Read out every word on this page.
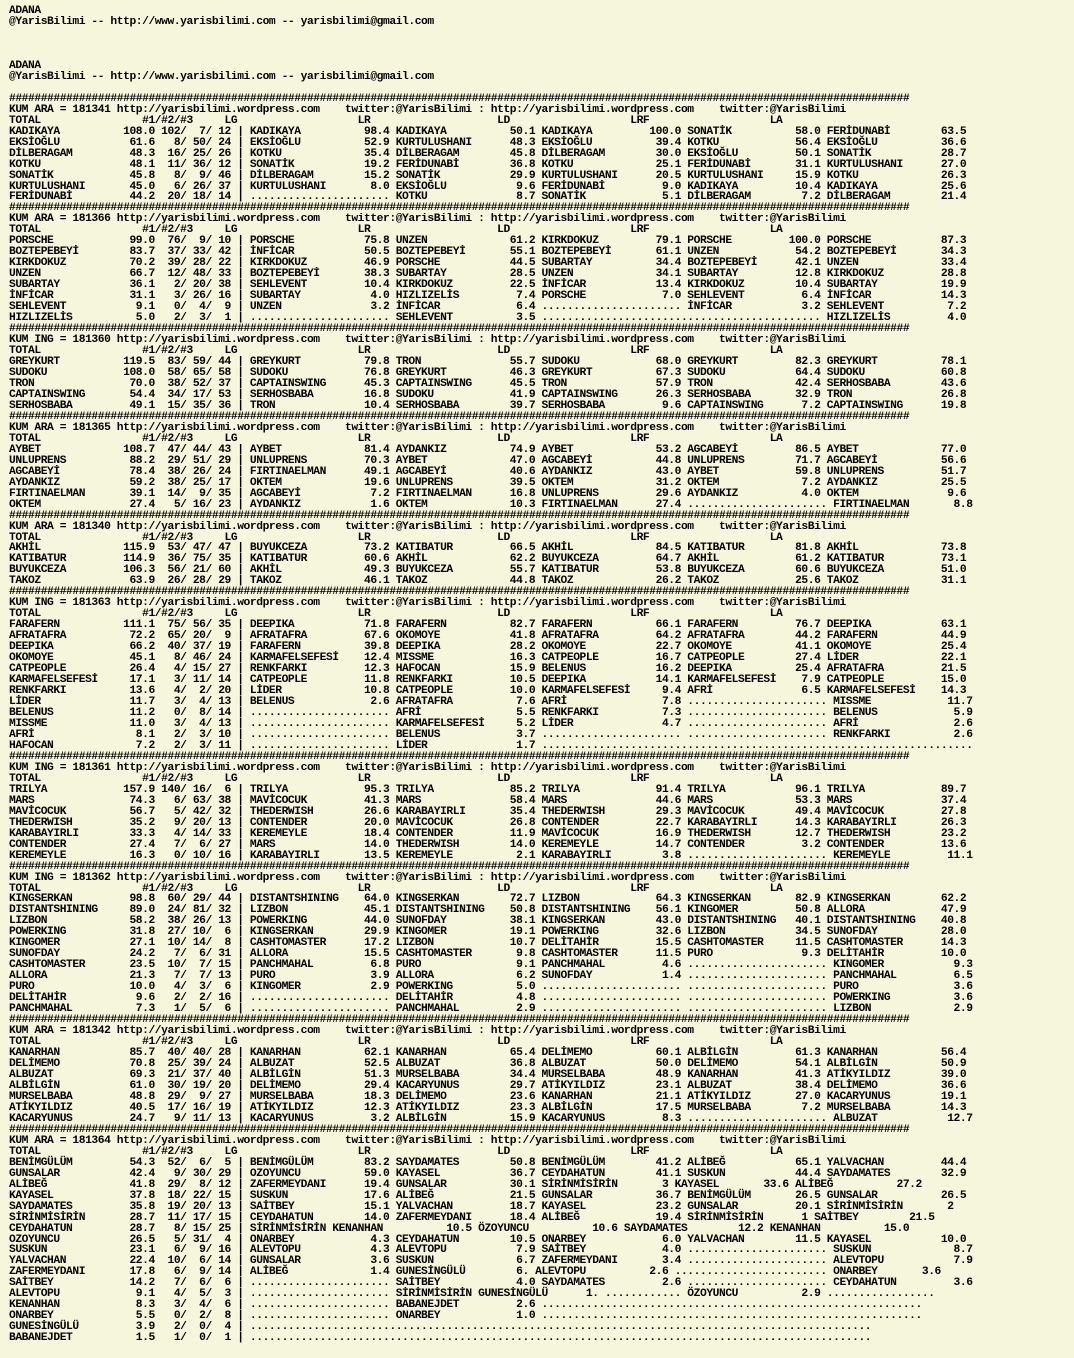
ADANA
@YarisBilimi -- http://www.yarisbilimi.com -- yarisbilimi@gmail.com
ADANA
@YarisBilimi -- http://www.yarisbilimi.com -- yarisbilimi@gmail.com
##############################################################################################################################################
KUM ARA = 181341 http://yarisbilimi.wordpress.com    twitter:@YarisBilimi : http://yarisbilimi.wordpress.com    twitter:@YarisBilimi
TOTAL                #1/#2/#3     LG                   LR                    LD                   LRF                   LA
KADIKAYA          108.0 102/  7/ 12 | KADIKAYA          98.4 KADIKAYA          50.1 KADIKAYA         100.0 SONATİK          58.0 FERİDUNABİ        63.5
EKSİOĞLU           61.6   8/ 50/ 24 | EKSİOĞLU          52.9 KURTULUSHANI      48.3 EKSİOĞLU          39.4 KOTKU            56.4 EKSİOĞLU          36.6
DİLBERAGAM         48.3  16/ 25/ 26 | KOTKU             35.4 DİLBERAGAM        45.8 DİLBERAGAM        30.0 EKSİOĞLU         50.1 SONATİK           28.7
KOTKU              48.1  11/ 36/ 12 | SONATİK           19.2 FERİDUNABİ        36.8 KOTKU             25.1 FERİDUNABİ       31.1 KURTULUSHANI      27.0
SONATİK            45.8   8/  9/ 46 | DİLBERAGAM        15.2 SONATİK           29.9 KURTULUSHANI      20.5 KURTULUSHANI     15.9 KOTKU             26.3
KURTULUSHANI       45.0   6/ 26/ 37 | KURTULUSHANI       8.0 EKSİOĞLU           9.6 FERİDUNABİ         9.0 KADIKAYA         10.4 KADIKAYA          25.6
FERİDUNABİ         44.2  20/ 18/ 14 | ...................... KOTKU              8.7 SONATİK            5.1 DİLBERAGAM        7.2 DİLBERAGAM        21.4
##############################################################################################################################################
KUM ARA = 181366 http://yarisbilimi.wordpress.com    twitter:@YarisBilimi : http://yarisbilimi.wordpress.com    twitter:@YarisBilimi
TOTAL                #1/#2/#3     LG                   LR                    LD                   LRF                   LA
PORSCHE            99.0  76/  9/ 10 | PORSCHE           75.8 UNZEN             61.2 KIRKDOKUZ         79.1 PORSCHE         100.0 PORSCHE           87.3
BOZTEPEBEYİ        83.7  37/ 33/ 42 | İNFİCAR           50.5 BOZTEPEBEYİ       55.1 BOZTEPEBEYİ       61.1 UNZEN            54.2 BOZTEPEBEYİ       34.3
KIRKDOKUZ          70.2  39/ 28/ 22 | KIRKDOKUZ         46.9 PORSCHE           44.5 SUBARTAY          34.4 BOZTEPEBEYİ      42.1 UNZEN             33.4
UNZEN              66.7  12/ 48/ 33 | BOZTEPEBEYİ       38.3 SUBARTAY          28.5 UNZEN             34.1 SUBARTAY         12.8 KIRKDOKUZ         28.8
SUBARTAY           36.1   2/ 20/ 38 | SEHLEVENT         10.4 KIRKDOKUZ         22.5 İNFİCAR           13.4 KIRKDOKUZ        10.4 SUBARTAY          19.9
İNFİCAR            31.1   3/ 26/ 16 | SUBARTAY           4.0 HIZLIZELİS         7.4 PORSCHE            7.0 SEHLEVENT         6.4 İNFİCAR           14.3
SEHLEVENT           9.1   0/  4/  9 | UNZEN              3.2 İNFİCAR            6.4 ...................... İNFİCAR           3.2 SEHLEVENT          7.2
HIZLIZELİS          5.0   2/  3/  1 | ...................... SEHLEVENT          3.5 ............................................ HIZLIZELİS         4.0
##############################################################################################################################################
KUM ING = 181360 http://yarisbilimi.wordpress.com    twitter:@YarisBilimi : http://yarisbilimi.wordpress.com    twitter:@YarisBilimi
TOTAL                #1/#2/#3     LG                   LR                    LD                   LRF                   LA
GREYKURT          119.5  83/ 59/ 44 | GREYKURT          79.8 TRON              55.7 SUDOKU            68.0 GREYKURT         82.3 GREYKURT          78.1
SUDOKU            108.0  58/ 65/ 58 | SUDOKU            76.8 GREYKURT          46.3 GREYKURT          67.3 SUDOKU           64.4 SUDOKU            60.8
TRON               70.0  38/ 52/ 37 | CAPTAINSWING      45.3 CAPTAINSWING      45.5 TRON              57.9 TRON             42.4 SERHOSBABA        43.6
CAPTAINSWING       54.4  34/ 17/ 53 | SERHOSBABA        16.8 SUDOKU            41.9 CAPTAINSWING      26.3 SERHOSBABA       32.9 TRON              26.8
SERHOSBABA         49.1  15/ 35/ 36 | TRON              10.4 SERHOSBABA        39.7 SERHOSBABA         9.6 CAPTAINSWING      7.2 CAPTAINSWING      19.8
##############################################################################################################################################
KUM ARA = 181365 http://yarisbilimi.wordpress.com    twitter:@YarisBilimi : http://yarisbilimi.wordpress.com    twitter:@YarisBilimi
TOTAL                #1/#2/#3     LG                   LR                    LD                   LRF                   LA
AYBET             108.7  47/ 44/ 43 | AYBET             81.4 AYDANKIZ          74.9 AYBET             53.2 AGCABEYİ         86.5 AYBET             77.0
UNLUPRENS          88.2  29/ 51/ 29 | UNLUPRENS         70.3 AYBET             47.0 AGCABEYİ          44.8 UNLUPRENS        71.7 AGCABEYİ          56.6
AGCABEYİ           78.4  38/ 26/ 24 | FIRTINAELMAN      49.1 AGCABEYİ          40.6 AYDANKIZ          43.0 AYBET            59.8 UNLUPRENS         51.7
AYDANKIZ           59.2  38/ 25/ 17 | OKTEM             19.6 UNLUPRENS         39.5 OKTEM             31.2 OKTEM             7.2 AYDANKIZ          25.5
FIRTINAELMAN       39.1  14/  9/ 35 | AGCABEYİ           7.2 FIRTINAELMAN      16.8 UNLUPRENS         29.6 AYDANKIZ          4.0 OKTEM              9.6
OKTEM              27.4   5/ 16/ 23 | AYDANKIZ           1.6 OKTEM             10.3 FIRTINAELMAN      27.4 ...................... FIRTINAELMAN       8.8
##############################################################################################################################################
KUM ARA = 181340 http://yarisbilimi.wordpress.com    twitter:@YarisBilimi : http://yarisbilimi.wordpress.com    twitter:@YarisBilimi
TOTAL                #1/#2/#3     LG                   LR                    LD                   LRF                   LA
AKHİL             115.9  53/ 47/ 47 | BUYUKCEZA         73.2 KATIBATUR         66.5 AKHİL             84.5 KATIBATUR        81.8 AKHİL             73.8
KATIBATUR         114.9  36/ 75/ 35 | KATIBATUR         60.6 AKHİL             62.2 BUYUKCEZA         64.7 AKHİL            61.2 KATIBATUR         73.1
BUYUKCEZA         106.3  56/ 21/ 60 | AKHİL             49.3 BUYUKCEZA         55.7 KATIBATUR         53.8 BUYUKCEZA        60.6 BUYUKCEZA         51.0
TAKOZ              63.9  26/ 28/ 29 | TAKOZ             46.1 TAKOZ             44.8 TAKOZ             26.2 TAKOZ            25.6 TAKOZ             31.1
##############################################################################################################################################
KUM ING = 181363 http://yarisbilimi.wordpress.com    twitter:@YarisBilimi : http://yarisbilimi.wordpress.com    twitter:@YarisBilimi
TOTAL                #1/#2/#3     LG                   LR                    LD                   LRF                   LA
FARAFERN          111.1  75/ 56/ 35 | DEEPIKA           71.8 FARAFERN          82.7 FARAFERN          66.1 FARAFERN         76.7 DEEPIKA           63.1
AFRATAFRA          72.2  65/ 20/  9 | AFRATAFRA         67.6 OKOMOYE           41.8 AFRATAFRA         64.2 AFRATAFRA        44.2 FARAFERN          44.9
DEEPIKA            66.2  40/ 37/ 19 | FARAFERN          39.8 DEEPIKA           28.2 OKOMOYE           22.7 OKOMOYE          41.1 OKOMOYE           25.4
OKOMOYE            45.1   8/ 46/ 24 | KARMAFELSEFESİ    12.4 MISSME            16.3 CATPEOPLE         16.7 CATPEOPLE        27.4 LİDER             22.1
CATPEOPLE          26.4   4/ 15/ 27 | RENKFARKI         12.3 HAFOCAN           15.9 BELENUS           16.2 DEEPIKA          25.4 AFRATAFRA         21.5
KARMAFELSEFESİ     17.1   3/ 11/ 14 | CATPEOPLE         11.8 RENKFARKI         10.5 DEEPIKA           14.1 KARMAFELSEFESİ    7.9 CATPEOPLE         15.0
RENKFARKI          13.6   4/  2/ 20 | LİDER             10.8 CATPEOPLE         10.0 KARMAFELSEFESİ     9.4 AFRİ              6.5 KARMAFELSEFESİ    14.3
LİDER              11.7   3/  4/ 13 | BELENUS            2.6 AFRATAFRA          7.6 AFRİ               7.8 ...................... MISSME            11.7
BELENUS            11.2   0/  8/ 14 | ...................... AFRİ               5.5 RENKFARKI          7.3 ...................... BELENUS            5.9
MISSME             11.0   3/  4/ 13 | ...................... KARMAFELSEFESİ     5.2 LİDER              4.7 ...................... AFRİ               2.6
AFRİ                8.1   2/  3/ 10 | ...................... BELENUS            3.7 ...................... ...................... RENKFARKI          2.6
HAFOCAN             7.2   2/  3/ 11 | ...................... LİDER              1.7 ....................................................................
##############################################################################################################################################
KUM ING = 181361 http://yarisbilimi.wordpress.com    twitter:@YarisBilimi : http://yarisbilimi.wordpress.com    twitter:@YarisBilimi
TOTAL                #1/#2/#3     LG                   LR                    LD                   LRF                   LA
TRILYA            157.9 140/ 16/  6 | TRILYA            95.3 TRILYA            85.2 TRILYA            91.4 TRILYA           96.1 TRILYA            89.7
MARS               74.3   6/ 63/ 38 | MAVİCOCUK         41.3 MARS              58.4 MARS              44.6 MARS             53.3 MARS              37.4
MAVİCOCUK          56.7   5/ 42/ 32 | THEDERWISH        26.6 KARABAYIRLI       35.4 THEDERWISH        29.3 MAVİCOCUK        49.4 MAVİCOCUK         27.8
THEDERWISH         35.2   9/ 20/ 13 | CONTENDER         20.0 MAVİCOCUK         26.8 CONTENDER         22.7 KARABAYIRLI      14.3 KARABAYIRLI       26.3
KARABAYIRLI        33.3   4/ 14/ 33 | KEREMEYLE         18.4 CONTENDER         11.9 MAVİCOCUK         16.9 THEDERWISH       12.7 THEDERWISH        23.2
CONTENDER          27.4   7/  6/ 27 | MARS              14.0 THEDERWISH        14.0 KEREMEYLE         14.7 CONTENDER         3.2 CONTENDER         13.6
KEREMEYLE          16.3   0/ 10/ 16 | KARABAYIRLI       13.5 KEREMEYLE          2.1 KARABAYIRLI        3.8 ...................... KEREMEYLE         11.1
##############################################################################################################################################
KUM ING = 181362 http://yarisbilimi.wordpress.com    twitter:@YarisBilimi : http://yarisbilimi.wordpress.com    twitter:@YarisBilimi
TOTAL                #1/#2/#3     LG                   LR                    LD                   LRF                   LA
KINGSERKAN         98.8  60/ 29/ 44 | DISTANTSHINING    64.0 KINGSERKAN        72.7 LIZBON            64.3 KINGSERKAN       82.9 KINGSERKAN        62.2
DISTANTSHINING     89.0  24/ 81/ 32 | LIZBON            45.1 DISTANTSHINING    50.8 DISTANTSHINING    56.1 KINGOMER         50.8 ALLORA            47.9
LIZBON             58.2  38/ 26/ 13 | POWERKING         44.0 SUNOFDAY          38.1 KINGSERKAN        43.0 DISTANTSHINING   40.1 DISTANTSHINING    40.8
POWERKING          31.8  27/ 10/  6 | KINGSERKAN        29.9 KINGOMER          19.1 POWERKING         32.6 LIZBON           34.5 SUNOFDAY          28.0
KINGOMER           27.1  10/ 14/  8 | CASHTOMASTER      17.2 LIZBON            10.7 DELİTAHİR         15.5 CASHTOMASTER     11.5 CASHTOMASTER      14.3
SUNOFDAY           24.2   7/  6/ 31 | ALLORA            15.5 CASHTOMASTER       9.8 CASHTOMASTER      11.5 PURO              9.3 DELİTAHİR         10.0
CASHTOMASTER       23.5  10/  7/ 15 | PANCHMAHAL         6.8 PURO               9.1 PANCHMAHAL         4.6 ...................... KINGOMER           9.3
ALLORA             21.3   7/  7/ 13 | PURO               3.9 ALLORA             6.2 SUNOFDAY           1.4 ...................... PANCHMAHAL         6.5
PURO               10.0   4/  3/  6 | KINGOMER           2.9 POWERKING          5.0 ...................... ...................... PURO               3.6
DELİTAHİR           9.6   2/  2/ 16 | ...................... DELİTAHİR          4.8 ...................... ...................... POWERKING          3.6
PANCHMAHAL          7.3   1/  5/  6 | ...................... PANCHMAHAL         2.9 ...................... ...................... LIZBON             2.9
##############################################################################################################################################
KUM ARA = 181342 http://yarisbilimi.wordpress.com    twitter:@YarisBilimi : http://yarisbilimi.wordpress.com    twitter:@YarisBilimi
TOTAL                #1/#2/#3     LG                   LR                    LD                   LRF                   LA
KANARHAN           85.7  40/ 40/ 28 | KANARHAN          62.1 KANARHAN          65.4 DELİMEMO          60.1 ALBİLGİN         61.3 KANARHAN          56.4
DELİMEMO           70.8  25/ 39/ 24 | ALBUZAT           52.5 ALBUZAT           36.8 ALBUZAT           50.0 DELİMEMO         54.1 ALBİLGİN          50.9
ALBUZAT            69.3  21/ 37/ 40 | ALBİLGİN          51.3 MURSELBABA        34.4 MURSELBABA        48.9 KANARHAN         41.3 ATİKYILDIZ        39.0
ALBİLGİN           61.0  30/ 19/ 20 | DELİMEMO          29.4 KACARYUNUS        29.7 ATİKYILDIZ        23.1 ALBUZAT          38.4 DELİMEMO          36.6
MURSELBABA         48.8  29/  9/ 27 | MURSELBABA        18.3 DELİMEMO          23.6 KANARHAN          21.1 ATİKYILDIZ       27.0 KACARYUNUS        19.1
ATİKYILDIZ         40.5  17/ 16/ 19 | ATİKYILDIZ        12.3 ATİKYILDIZ        23.3 ALBİLGİN          17.5 MURSELBABA        7.2 MURSELBABA        14.3
KACARYUNUS         24.7   9/ 11/ 13 | KACARYUNUS         3.2 ALBİLGİN          15.9 KACARYUNUS         8.3 ...................... ALBUZAT           12.7
##############################################################################################################################################
KUM ARA = 181364 http://yarisbilimi.wordpress.com    twitter:@YarisBilimi : http://yarisbilimi.wordpress.com    twitter:@YarisBilimi
TOTAL                #1/#2/#3     LG                   LR                    LD                   LRF                   LA
BENİMGÜLÜM         54.3  52/  6/  5 | BENİMGÜLÜM        83.2 SAYDAMATES        50.8 BENİMGÜLÜM        41.2 ALİBEĞ           65.1 YALVACHAN         44.4
GUNSALAR           42.4   9/ 30/ 29 | OZOYUNCU          59.0 KAYASEL           36.7 CEYDAHATUN        41.1 SUSKUN           44.4 SAYDAMATES        32.9
ALİBEĞ             41.8  29/  8/ 12 | ZAFERMEYDANI      19.4 GUNSALAR          30.1 SİRİNMİSİRİN       3 KAYASEL       33.6 ALİBEĞ          27.2
KAYASEL            37.8  18/ 22/ 15 | SUSKUN            17.6 ALİBEĞ            21.5 GUNSALAR          36.7 BENİMGÜLÜM       26.5 GUNSALAR          26.5
SAYDAMATES         35.8  19/ 20/ 13 | SAİTBEY           15.1 YALVACHAN         18.7 KAYASEL           23.2 GUNSALAR         20.1 SİRİNMİSİRİN       2
SİRİNMİSİRİN       28.7  11/ 17/ 15 | CEYDAHATUN        14.0 ZAFERMEYDANI      18.4 ALİBEĞ            19.4 SİRİNMİSİRİN      1 SAİTBEY        21.5
CEYDAHATUN         28.7   8/ 15/ 25 | SİRİNMİSİRİN KENANHAN          10.5 ÖZOYUNCU          10.6 SAYDAMATES        12.2 KENANHAN          15.0
OZOYUNCU           26.5   5/ 31/  4 | ONARBEY            4.3 CEYDAHATUN        10.5 ONARBEY            6.0 YALVACHAN        11.5 KAYASEL           10.0
SUSKUN             23.1   6/  9/ 16 | ALEVTOPU           4.3 ALEVTOPU           7.9 SAİTBEY            4.0 ...................... SUSKUN             8.7
YALVACHAN          22.4  10/  6/ 14 | GUNSALAR           3.6 SUSKUN             6.7 ZAFERMEYDANI       3.4 ...................... ALEVTOPU           7.9
ZAFERMEYDANI       17.8   6/  9/ 14 | ALİBEĞ             1.4 GUNESİNGÜLÜ        6. ALEVTOPU          2.6 ........................ ONARBEY       3.6
SAİTBEY            14.2   7/  6/  6 | ...................... SAİTBEY            4.0 SAYDAMATES         2.6 ...................... CEYDAHATUN         3.6
ALEVTOPU            9.1   4/  5/  3 | ...................... SİRİNMİSİRİN GUNESİNGÜLÜ      1. ............ ÖZOYUNCU          2.9 .................
KENANHAN            8.3   3/  4/  6 | ...................... BABANEJDET         2.6 ............................................................
ONARBEY             5.5   0/  2/  8 | ...................... ONARBEY            1.0 ............................................................
GUNESİNGÜLÜ         3.9   2/  0/  4 | ..................................................................................................
BABANEJDET          1.5   1/  0/  1 | ..................................................................................................
